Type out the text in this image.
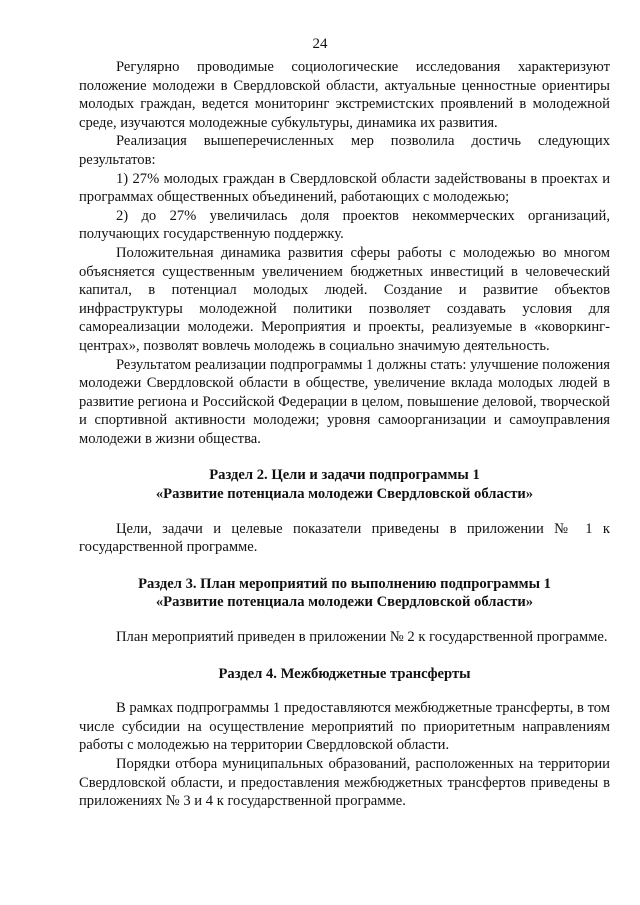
24

Регулярно проводимые социологические исследования характеризуют положение молодежи в Свердловской области, актуальные ценностные ориентиры молодых граждан, ведется мониторинг экстремистских проявлений в молодежной среде, изучаются молодежные субкультуры, динамика их развития.

Реализация вышеперечисленных мер позволила достичь следующих результатов:

1) 27% молодых граждан в Свердловской области задействованы в проектах и программах общественных объединений, работающих с молодежью;

2) до 27% увеличилась доля проектов некоммерческих организаций, получающих государственную поддержку.

Положительная динамика развития сферы работы с молодежью во многом объясняется существенным увеличением бюджетных инвестиций в человеческий капитал, в потенциал молодых людей. Создание и развитие объектов инфраструктуры молодежной политики позволяет создавать условия для самореализации молодежи. Мероприятия и проекты, реализуемые в «коворкинг-центрах», позволят вовлечь молодежь в социально значимую деятельность.

Результатом реализации подпрограммы 1 должны стать: улучшение положения молодежи Свердловской области в обществе, увеличение вклада молодых людей в развитие региона и Российской Федерации в целом, повышение деловой, творческой и спортивной активности молодежи; уровня самоорганизации и самоуправления молодежи в жизни общества.

Раздел 2. Цели и задачи подпрограммы 1
«Развитие потенциала молодежи Свердловской области»

Цели, задачи и целевые показатели приведены в приложении № 1 к государственной программе.

Раздел 3. План мероприятий по выполнению подпрограммы 1
«Развитие потенциала молодежи Свердловской области»

План мероприятий приведен в приложении № 2 к государственной программе.

Раздел 4. Межбюджетные трансферты

В рамках подпрограммы 1 предоставляются межбюджетные трансферты, в том числе субсидии на осуществление мероприятий по приоритетным направлениям работы с молодежью на территории Свердловской области.

Порядки отбора муниципальных образований, расположенных на территории Свердловской области, и предоставления межбюджетных трансфертов приведены в приложениях № 3 и 4 к государственной программе.
